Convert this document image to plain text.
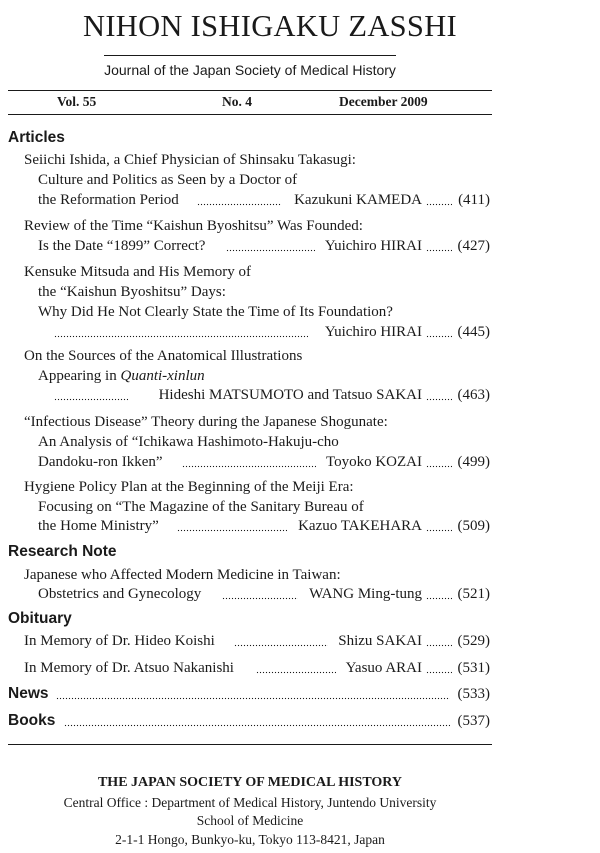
NIHON ISHIGAKU ZASSHI
Journal of the Japan Society of Medical History
Vol. 55	No. 4	December 2009
Articles
Seiichi Ishida, a Chief Physician of Shinsaku Takasugi:
Culture and Politics as Seen by a Doctor of
the Reformation Period	Kazukuni KAMEDA (411)
Review of the Time “Kaishun Byoshitsu” Was Founded:
Is the Date “1899” Correct?	Yuichiro HIRAI (427)
Kensuke Mitsuda and His Memory of
the “Kaishun Byoshitsu” Days:
Why Did He Not Clearly State the Time of Its Foundation?
Yuichiro HIRAI (445)
On the Sources of the Anatomical Illustrations
Appearing in Quanti-xinlun
Hideshi MATSUMOTO and Tatsuo SAKAI (463)
“Infectious Disease” Theory during the Japanese Shogunate:
An Analysis of “Ichikawa Hashimoto-Hakuju-cho
Dandoku-ron Ikken”	Toyoko KOZAI (499)
Hygiene Policy Plan at the Beginning of the Meiji Era:
Focusing on “The Magazine of the Sanitary Bureau of
the Home Ministry”	Kazuo TAKEHARA (509)
Research Note
Japanese who Affected Modern Medicine in Taiwan:
Obstetrics and Gynecology	WANG Ming-tung (521)
Obituary
In Memory of Dr. Hideo Koishi	Shizu SAKAI (529)
In Memory of Dr. Atsuo Nakanishi	Yasuo ARAI (531)
News	(533)
Books	(537)
THE JAPAN SOCIETY OF MEDICAL HISTORY
Central Office : Department of Medical History, Juntendo University
School of Medicine
2-1-1 Hongo, Bunkyo-ku, Tokyo 113-8421, Japan
